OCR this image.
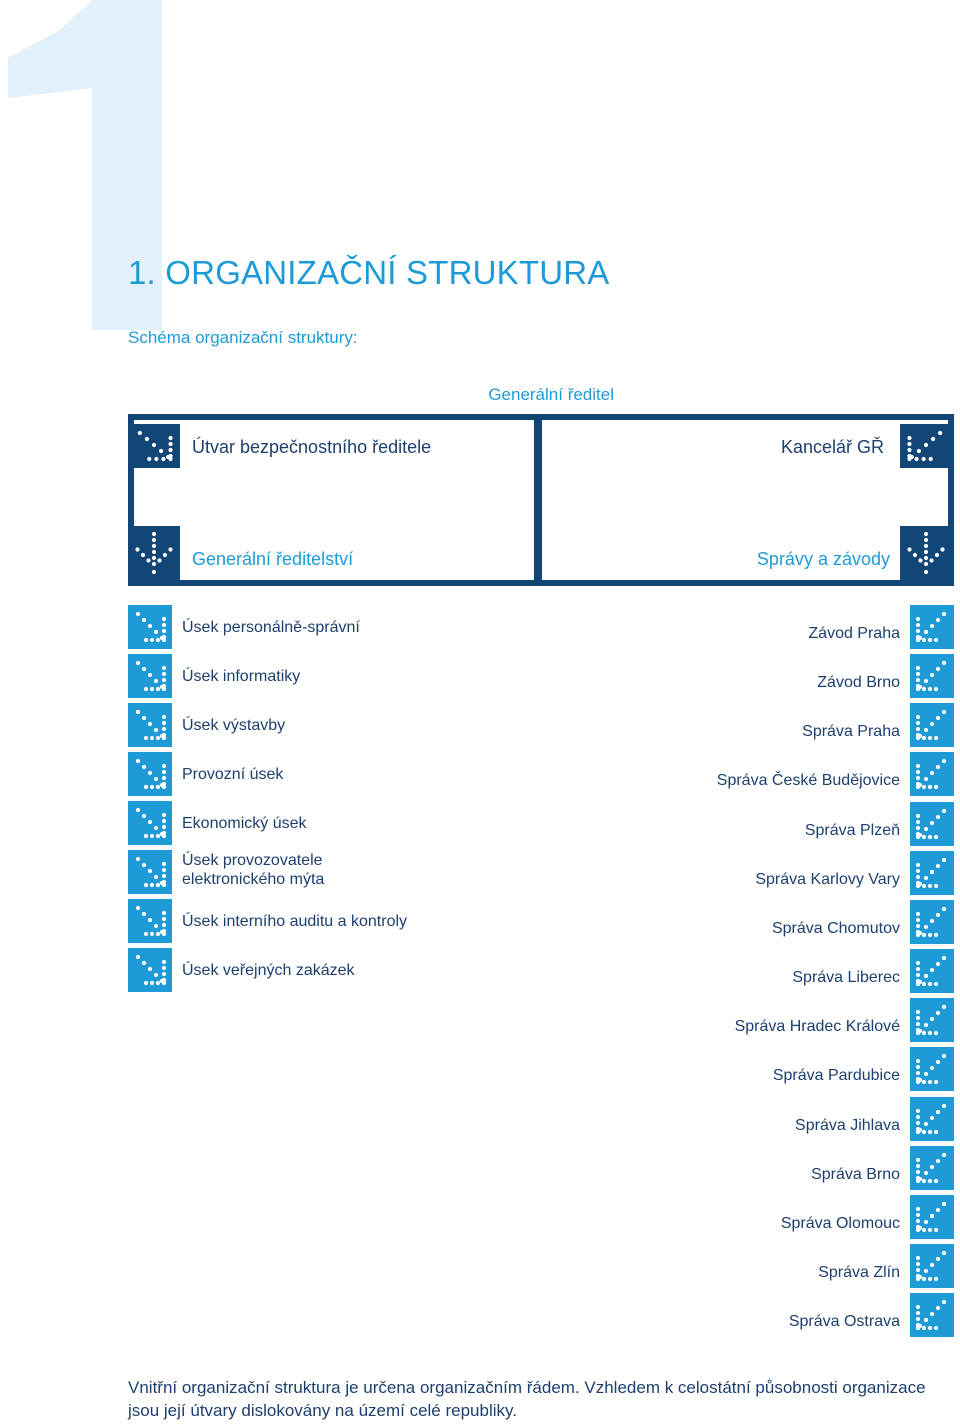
1. ORGANIZAČNÍ STRUKTURA
Schéma organizační struktury:
Generální ředitel
Útvar bezpečnostního ředitele	Kancelář GŘ
Generální ředitelství	Správy a závody
Úsek personálně-správní
Úsek informatiky
Úsek výstavby
Provozní úsek
Ekonomický úsek
Úsek provozovatele
elektronického mýta
Úsek interního auditu a kontroly
Úsek veřejných zakázek
Závod Praha
Závod Brno
Správa Praha
Správa České Budějovice
Správa Plzeň
Správa Karlovy Vary
Správa Chomutov
Správa Liberec
Správa Hradec Králové
Správa Pardubice
Správa Jihlava
Správa Brno
Správa Olomouc
Správa Zlín
Správa Ostrava
Vnitřní organizační struktura je určena organizačním řádem. Vzhledem k celostátní působnosti organizace jsou její útvary dislokovány na území celé republiky.
